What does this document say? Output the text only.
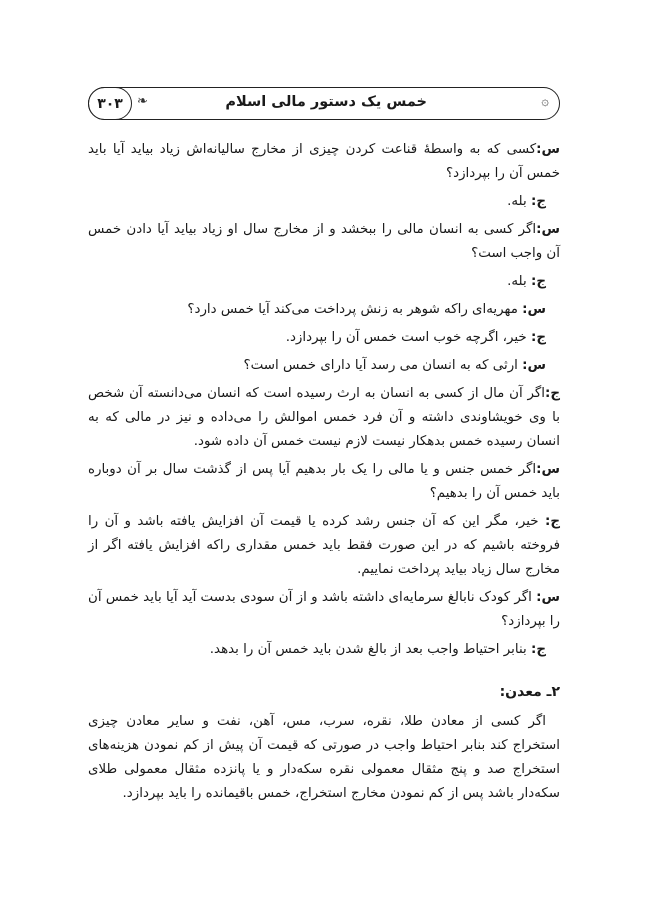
۳۰۳	❧	خمس یک دستور مالی اسلام	۞

س:کسی که به واسطهٔ قناعت کردن چیزی از مخارج سالیانه‌اش زیاد بیاید آیا باید خمس آن را بپردازد؟

ج: بله.

س:اگر کسی به انسان مالی را ببخشد و از مخارج سال او زیاد بیاید آیا دادن خمس آن واجب است؟

ج: بله.

س: مهریه‌ای راکه شوهر به زنش پرداخت می‌کند آیا خمس دارد؟

ج: خیر، اگرچه خوب است خمس آن را بپردازد.

س: ارثی که به انسان می رسد آیا دارای خمس است؟

ج:اگر آن مال از کسی به انسان به ارث رسیده است که انسان می‌دانسته آن شخص با وی خویشاوندی داشته و آن فرد خمس اموالش را می‌داده و نیز در مالی که به انسان رسیده خمس بدهکار نیست لازم نیست خمس آن داده شود.

س:اگر خمس جنس و یا مالی را یک بار بدهیم آیا پس از گذشت سال بر آن دوباره باید خمس آن را بدهیم؟

ج: خیر، مگر این که آن جنس رشد کرده یا قیمت آن افزایش یافته باشد و آن را فروخته باشیم که در این صورت فقط باید خمس مقداری راکه افزایش یافته اگر از مخارج سال زیاد بیاید پرداخت نماییم.

س: اگر کودک نابالغ سرمایه‌ای داشته باشد و از آن سودی بدست آید آیا باید خمس آن را بپردازد؟

ج: بنابر احتیاط واجب بعد از بالغ شدن باید خمس آن را بدهد.

۲ـ معدن:

اگر کسی از معادن طلا، نقره، سرب، مس، آهن، نفت و سایر معادن چیزی استخراج کند بنابر احتیاط واجب در صورتی که قیمت آن پیش از کم نمودن هزینه‌های استخراج صد و پنج مثقال معمولی نقره سکه‌دار و یا پانزده مثقال معمولی طلای سکه‌دار باشد پس از کم نمودن مخارج استخراج، خمس باقیمانده را باید بپردازد.
